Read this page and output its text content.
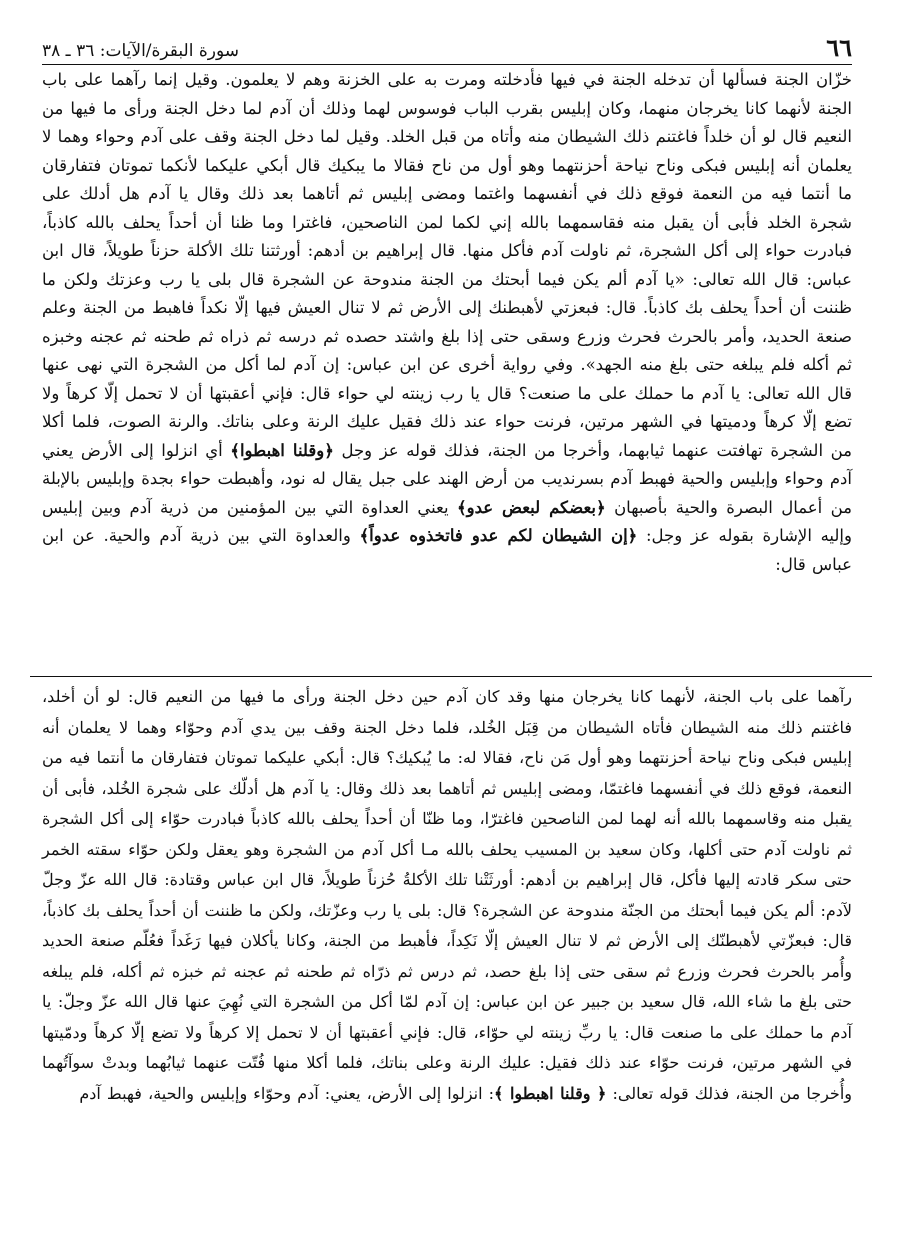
٦٦
سورة البقرة/الآيات: ٣٦ ـ ٣٨

خزّان الجنة فسألها أن تدخله الجنة في فيها فأدخلته ومرت به على الخزنة وهم لا يعلمون. وقيل إنما رآهما على باب الجنة لأنهما كانا يخرجان منهما، وكان إبليس بقرب الباب فوسوس لهما وذلك أن آدم لما دخل الجنة ورأى ما فيها من النعيم قال لو أن خلداً فاغتنم ذلك الشيطان منه وأتاه من قبل الخلد. وقيل لما دخل الجنة وقف على آدم وحواء وهما لا يعلمان أنه إبليس فبكى وناح نياحة أحزنتهما وهو أول من ناح فقالا ما يبكيك قال أبكي عليكما لأنكما تموتان فتفارقان ما أنتما فيه من النعمة فوقع ذلك في أنفسهما واغتما ومضى إبليس ثم أتاهما بعد ذلك وقال يا آدم هل أدلك على شجرة الخلد فأبى أن يقبل منه فقاسمهما بالله إني لكما لمن الناصحين، فاغترا وما ظنا أن أحداً يحلف بالله كاذباً، فبادرت حواء إلى أكل الشجرة، ثم ناولت آدم فأكل منها. قال إبراهيم بن أدهم: أورثتنا تلك الأكلة حزناً طويلاً، قال ابن عباس: قال الله تعالى: «يا آدم ألم يكن فيما أبحتك من الجنة مندوحة عن الشجرة قال بلى يا رب وعزتك ولكن ما ظننت أن أحداً يحلف بك كاذباً. قال: فبعزتي لأهبطنك إلى الأرض ثم لا تنال العيش فيها إلّا نكداً فاهبط من الجنة وعلم صنعة الحديد، وأمر بالحرث فحرث وزرع وسقى حتى إذا بلغ واشتد حصده ثم درسه ثم ذراه ثم طحنه ثم عجنه وخبزه ثم أكله فلم يبلغه حتى بلغ منه الجهد». وفي رواية أخرى عن ابن عباس: إن آدم لما أكل من الشجرة التي نهى عنها قال الله تعالى: يا آدم ما حملك على ما صنعت؟ قال يا رب زينته لي حواء قال: فإني أعقبتها أن لا تحمل إلّا كرهاً ولا تضع إلّا كرهاً ودميتها في الشهر مرتين، فرنت حواء عند ذلك فقيل عليك الرنة وعلى بناتك. والرنة الصوت، فلما أكلا من الشجرة تهافتت عنهما ثيابهما، وأخرجا من الجنة، فذلك قوله عز وجل ﴿وقلنا اهبطوا﴾ أي انزلوا إلى الأرض يعني آدم وحواء وإبليس والحية فهبط آدم بسرنديب من أرض الهند على جبل يقال له نود، وأهبطت حواء بجدة وإبليس بالإبلة من أعمال البصرة والحية بأصبهان ﴿بعضكم لبعض عدو﴾ يعني العداوة التي بين المؤمنين من ذرية آدم وبين إبليس وإليه الإشارة بقوله عز وجل: ﴿إن الشيطان لكم عدو فاتخذوه عدواً﴾ والعداوة التي بين ذرية آدم والحية. عن ابن عباس قال:

رآهما على باب الجنة، لأنهما كانا يخرجان منها وقد كان آدم حين دخل الجنة ورأى ما فيها من النعيم قال: لو أن أخلد، فاغتنم ذلك منه الشيطان فأتاه الشيطان من قِبَل الخُلد، فلما دخل الجنة وقف بين يدي آدم وحوّاء وهما لا يعلمان أنه إبليس فبكى وناح نياحة أحزنتهما وهو أول مَن ناح، فقالا له: ما يُبكيك؟ قال: أبكي عليكما تموتان فتفارقان ما أنتما فيه من النعمة، فوقع ذلك في أنفسهما فاغتمّا، ومضى إبليس ثم أتاهما بعد ذلك وقال: يا آدم هل أدلّك على شجرة الخُلد، فأبى أن يقبل منه وقاسمهما بالله أنه لهما لمن الناصحين فاغترّا، وما ظنّا أن أحداً يحلف بالله كاذباً فبادرت حوّاء إلى أكل الشجرة ثم ناولت آدم حتى أكلها، وكان سعيد بن المسيب يحلف بالله مـا أكل آدم من الشجرة وهو يعقل ولكن حوّاء سقته الخمر حتى سكر قادته إليها فأكل، قال إبراهيم بن أدهم: أورثَتْنا تلك الأكلةُ حُزناً طويلاً، قال ابن عباس وقتادة: قال الله عزّ وجلّ لآدم: ألم يكن فيما أبحتك من الجنّة مندوحة عن الشجرة؟ قال: بلى يا رب وعزّتك، ولكن ما ظننت أن أحداً يحلف بك كاذباً، قال: فبعزّتي لأهبطنّك إلى الأرض ثم لا تنال العيش إلّا نَكِداً، فأهبط من الجنة، وكانا يأكلان فيها رَغَداً فعُلّم صنعة الحديد وأُمر بالحرث فحرث وزرع ثم سقى حتى إذا بلغ حصد، ثم درس ثم ذرّاه ثم طحنه ثم عجنه ثم خبزه ثم أكله، فلم يبلغه حتى بلغ ما شاء الله، قال سعيد بن جبير عن ابن عباس: إن آدم لمّا أكل من الشجرة التي نُهِيَ عنها قال الله عزّ وجلّ: يا آدم ما حملك على ما صنعت قال: يا ربِّ زينته لي حوّاء، قال: فإني أعقبتها أن لا تحمل إلا كرهاً ولا تضع إلّا كرهاً ودمّيتها في الشهر مرتين، فرنت حوّاء عند ذلك فقيل: عليك الرنة وعلى بناتك، فلما أكلا منها فُتّت عنهما ثيابُهما وبدتْ سوآتُهما وأُخرجا من الجنة، فذلك قوله تعالى: ﴿ وقلنا اهبطوا ﴾: انزلوا إلى الأرض، يعني: آدم وحوّاء وإبليس والحية، فهبط آدم
